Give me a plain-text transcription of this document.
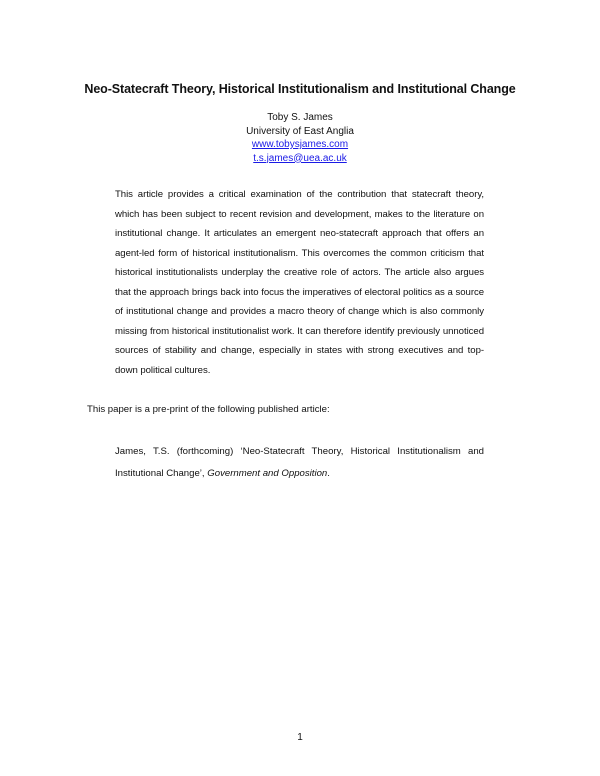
Neo-Statecraft Theory, Historical Institutionalism and Institutional Change
Toby S. James
University of East Anglia
www.tobysjames.com
t.s.james@uea.ac.uk
This article provides a critical examination of the contribution that statecraft theory, which has been subject to recent revision and development, makes to the literature on institutional change. It articulates an emergent neo-statecraft approach that offers an agent-led form of historical institutionalism. This overcomes the common criticism that historical institutionalists underplay the creative role of actors. The article also argues that the approach brings back into focus the imperatives of electoral politics as a source of institutional change and provides a macro theory of change which is also commonly missing from historical institutionalist work. It can therefore identify previously unnoticed sources of stability and change, especially in states with strong executives and top-down political cultures.
This paper is a pre-print of the following published article:
James, T.S. (forthcoming) ‘Neo-Statecraft Theory, Historical Institutionalism and Institutional Change’, Government and Opposition.
1
